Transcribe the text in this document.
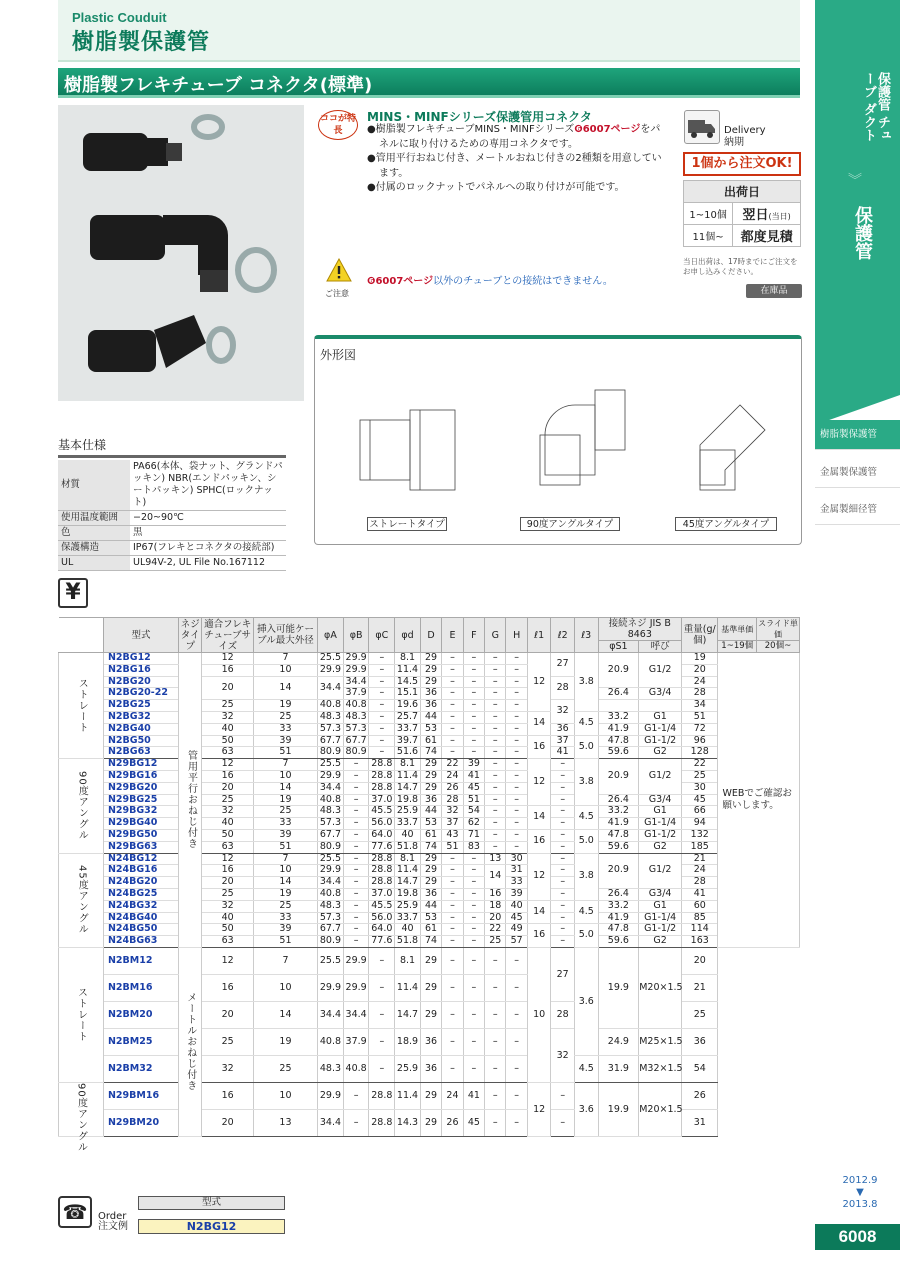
Plastic Couduit
樹脂製保護管
樹脂製フレキチューブ コネクタ(標準)	保護管 チューブ ダクト
︾
保護管
樹脂製保護管
金属製保護管
金属製細径管
2012.9
▼
2013.8
6008
ココが特長
MINS・MINFシリーズ保護管用コネクタ
●樹脂製フレキチューブMINS・MINFシリーズ❻6007ページをパネルに取り付けるための専用コネクタです。
●管用平行おねじ付き、メートルおねじ付きの2種類を用意しています。
●付属のロックナットでパネルへの取り付けが可能です。
ご注意
❻6007ページ以外のチューブとの接続はできません。
Delivery
納期
1個から注文OK!
出荷日	
1~10個	翌日(当日)
11個~	都度見積
当日出荷は、17時までにご注文をお申し込みください。
在庫品
外形図
ストレートタイプ	90度アングルタイプ	45度アングルタイプ
基本仕様
材質	PA66(本体、袋ナット、グランドパッキン) NBR(エンドパッキン、シートパッキン) SPHC(ロックナット)
使用温度範囲	−20~90℃
色	黒
保護構造	IP67(フレキとコネクタの接続部)
UL	UL94V-2, UL File No.167112
¥
	型式	ネジタイプ	適合フレキチューブサイズ	挿入可能ケーブル最大外径	φA	φB	φC	φd	D	E	F	G	H	ℓ1	ℓ2	ℓ3	接続ネジ JIS B 8463		重量(g/個)	基準単価	スライド単価
																	φS1	呼び		1~19個	20個~
ストレート	N2BG12	管用平行おねじ付き	12	7	25.5	29.9	–	8.1	29	–	–	–	–	12	27	3.8	20.9	G1/2	19	WEBでご確認お願いします。	
	N2BG16		16	10	29.9	29.9	–	11.4	29	–	–	–	–						20		
	N2BG20		20	14	34.4	34.4	–	14.5	29	–	–	–	–		28				24		
	N2BG20-22					37.9	–	15.1	36	–	–	–	–				26.4	G3/4	28		
	N2BG25		25	19	40.8	40.8	–	19.6	36	–	–	–	–		32				34		
	N2BG32		32	25	48.3	48.3	–	25.7	44	–	–	–	–	14		4.5	33.2	G1	51		
	N2BG40		40	33	57.3	57.3	–	33.7	53	–	–	–	–		36		41.9	G1-1/4	72		
	N2BG50		50	39	67.7	67.7	–	39.7	61	–	–	–	–	16	37	5.0	47.8	G1-1/2	96		
	N2BG63		63	51	80.9	80.9	–	51.6	74	–	–	–	–		41		59.6	G2	128		
90度アングル	N29BG12		12	7	25.5	–	28.8	8.1	29	22	39	–	–	12	–	3.8	20.9	G1/2	22		
	N29BG16		16	10	29.9	–	28.8	11.4	29	24	41	–	–		–				25		
	N29BG20		20	14	34.4	–	28.8	14.7	29	26	45	–	–		–				30		
	N29BG25		25	19	40.8	–	37.0	19.8	36	28	51	–	–		–		26.4	G3/4	45		
	N29BG32		32	25	48.3	–	45.5	25.9	44	32	54	–	–	14	–	4.5	33.2	G1	66		
	N29BG40		40	33	57.3	–	56.0	33.7	53	37	62	–	–		–		41.9	G1-1/4	94		
	N29BG50		50	39	67.7	–	64.0	40	61	43	71	–	–	16	–	5.0	47.8	G1-1/2	132		
	N29BG63		63	51	80.9	–	77.6	51.8	74	51	83	–	–		–		59.6	G2	185		
45度アングル	N24BG12		12	7	25.5	–	28.8	8.1	29	–	–	13	30	12	–	3.8	20.9	G1/2	21		
	N24BG16		16	10	29.9	–	28.8	11.4	29	–	–	14	31		–				24		
	N24BG20		20	14	34.4	–	28.8	14.7	29	–	–		33		–				28		
	N24BG25		25	19	40.8	–	37.0	19.8	36	–	–	16	39		–		26.4	G3/4	41		
	N24BG32		32	25	48.3	–	45.5	25.9	44	–	–	18	40	14	–	4.5	33.2	G1	60		
	N24BG40		40	33	57.3	–	56.0	33.7	53	–	–	20	45		–		41.9	G1-1/4	85		
	N24BG50		50	39	67.7	–	64.0	40	61	–	–	22	49	16	–	5.0	47.8	G1-1/2	114		
	N24BG63		63	51	80.9	–	77.6	51.8	74	–	–	25	57		–		59.6	G2	163		
ストレート	N2BM12	メートルおねじ付き	12	7	25.5	29.9	–	8.1	29	–	–	–	–	10	27	3.6	19.9	M20×1.5	20		
	N2BM16		16	10	29.9	29.9	–	11.4	29	–	–	–	–						21		
	N2BM20		20	14	34.4	34.4	–	14.7	29	–	–	–	–		28				25		
	N2BM25		25	19	40.8	37.9	–	18.9	36	–	–	–	–		32		24.9	M25×1.5	36		
	N2BM32		32	25	48.3	40.8	–	25.9	36	–	–	–	–			4.5	31.9	M32×1.5	54		
90度アングル	N29BM16		16	10	29.9	–	28.8	11.4	29	24	41	–	–	12	–	3.6	19.9	M20×1.5	26		
	N29BM20		20	13	34.4	–	28.8	14.3	29	26	45	–	–		–				31		
☎	Order
注文例
型式
N2BG12
